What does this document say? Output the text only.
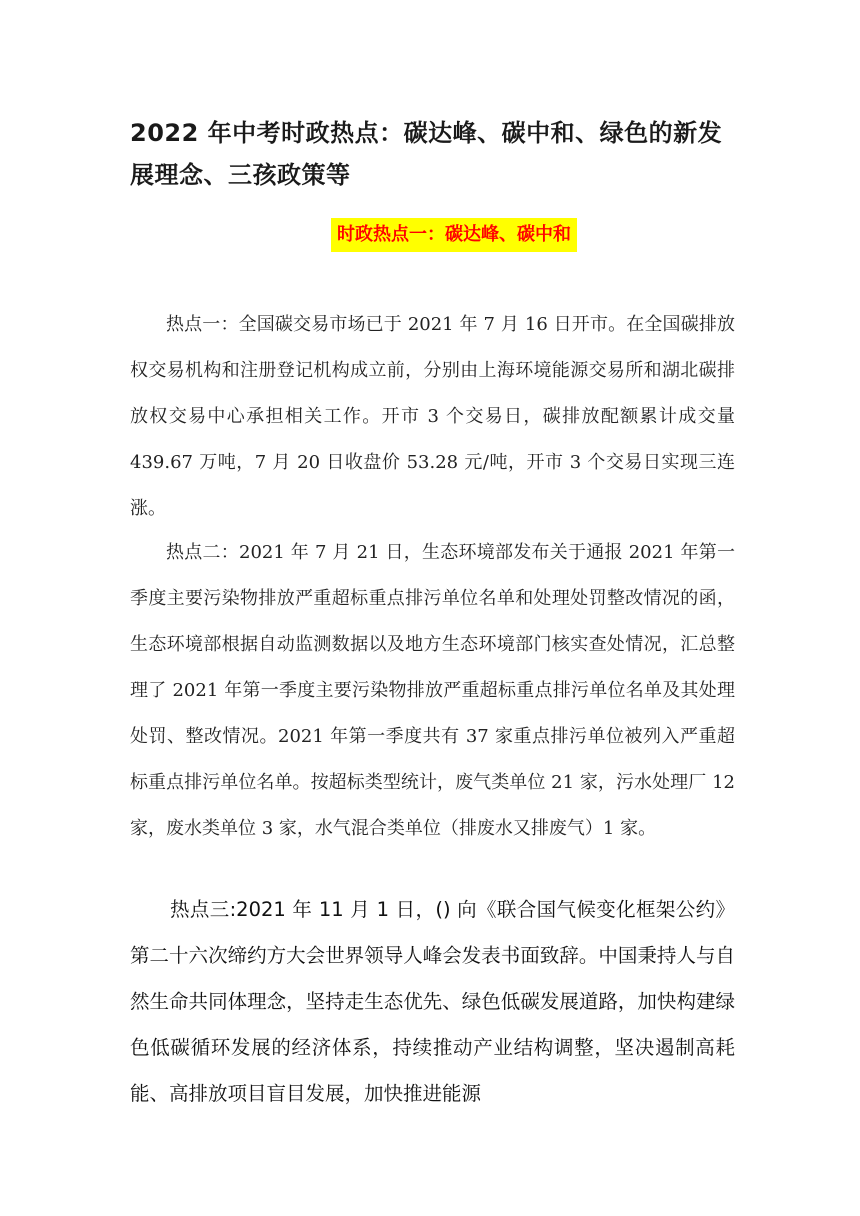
2022 年中考时政热点：碳达峰、碳中和、绿色的新发展理念、三孩政策等
时政热点一：碳达峰、碳中和

热点一：全国碳交易市场已于 2021 年 7 月 16 日开市。在全国碳排放权交易机构和注册登记机构成立前，分别由上海环境能源交易所和湖北碳排放权交易中心承担相关工作。开市 3 个交易日，碳排放配额累计成交量 439.67 万吨，7 月 20 日收盘价 53.28 元/吨，开市 3 个交易日实现三连涨。

热点二：2021 年 7 月 21 日，生态环境部发布关于通报 2021 年第一季度主要污染物排放严重超标重点排污单位名单和处理处罚整改情况的函，生态环境部根据自动监测数据以及地方生态环境部门核实查处情况，汇总整理了 2021 年第一季度主要污染物排放严重超标重点排污单位名单及其处理处罚、整改情况。2021 年第一季度共有 37 家重点排污单位被列入严重超标重点排污单位名单。按超标类型统计，废气类单位 21 家，污水处理厂 12 家，废水类单位 3 家，水气混合类单位（排废水又排废气）1 家。

热点三:2021 年 11 月 1 日，() 向《联合国气候变化框架公约》第二十六次缔约方大会世界领导人峰会发表书面致辞。中国秉持人与自然生命共同体理念，坚持走生态优先、绿色低碳发展道路，加快构建绿色低碳循环发展的经济体系，持续推动产业结构调整，坚决遏制高耗能、高排放项目盲目发展，加快推进能源
